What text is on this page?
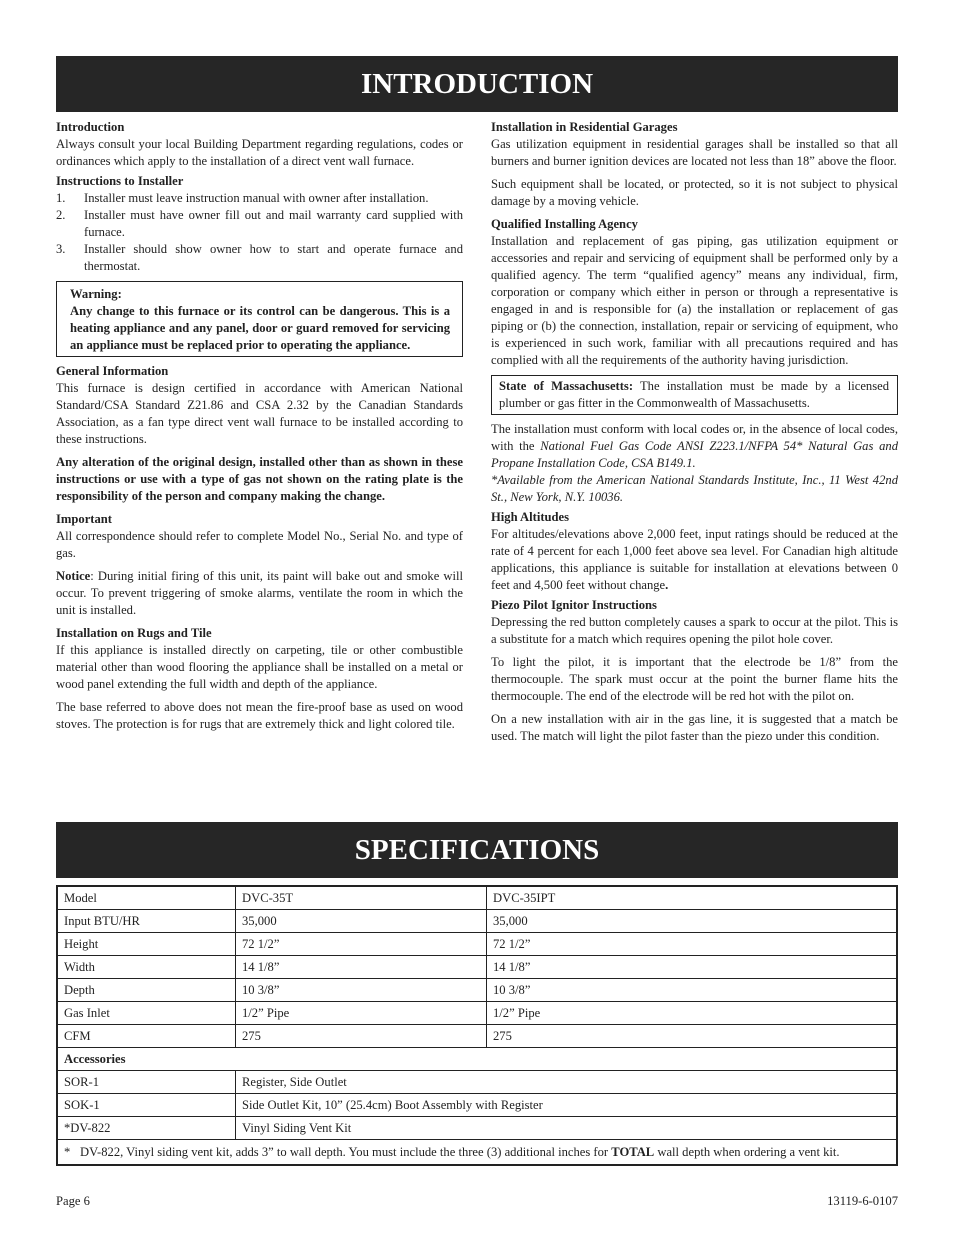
INTRODUCTION
Introduction

Always consult your local Building Department regarding regulations, codes or ordinances which apply to the installation of a direct vent wall furnace.

Instructions to Installer
1. Installer must leave instruction manual with owner after installation.
2. Installer must have owner fill out and mail warranty card supplied with furnace.
3. Installer should show owner how to start and operate furnace and thermostat.
Warning:
Any change to this furnace or its control can be dangerous. This is a heating appliance and any panel, door or guard removed for servicing an appliance must be replaced prior to operating the appliance.
General Information

This furnace is design certified in accordance with American National Standard/CSA Standard Z21.86 and CSA 2.32 by the Canadian Standards Association, as a fan type direct vent wall furnace to be installed according to these instructions.

Any alteration of the original design, installed other than as shown in these instructions or use with a type of gas not shown on the rating plate is the responsibility of the person and company making the change.

Important

All correspondence should refer to complete Model No., Serial No. and type of gas.

Notice: During initial firing of this unit, its paint will bake out and smoke will occur. To prevent triggering of smoke alarms, ventilate the room in which the unit is installed.

Installation on Rugs and Tile

If this appliance is installed directly on carpeting, tile or other combustible material other than wood flooring the appliance shall be installed on a metal or wood panel extending the full width and depth of the appliance.

The base referred to above does not mean the fire-proof base as used on wood stoves. The protection is for rugs that are extremely thick and light colored tile.

Installation in Residential Garages

Gas utilization equipment in residential garages shall be installed so that all burners and burner ignition devices are located not less than 18” above the floor.

Such equipment shall be located, or protected, so it is not subject to physical damage by a moving vehicle.

Qualified Installing Agency

Installation and replacement of gas piping, gas utilization equipment or accessories and repair and servicing of equipment shall be performed only by a qualified agency. The term “qualified agency” means any individual, firm, corporation or company which either in person or through a representative is engaged in and is responsible for (a) the installation or replacement of gas piping or (b) the connection, installation, repair or servicing of equipment, who is experienced in such work, familiar with all precautions required and has complied with all the requirements of the authority having jurisdiction.

State of Massachusetts: The installation must be made by a licensed plumber or gas fitter in the Commonwealth of Massachusetts.

The installation must conform with local codes or, in the absence of local codes, with the National Fuel Gas Code ANSI Z223.1/NFPA 54* Natural Gas and Propane Installation Code, CSA B149.1.
*Available from the American National Standards Institute, Inc., 11 West 42nd St., New York, N.Y. 10036.

High Altitudes

For altitudes/elevations above 2,000 feet, input ratings should be reduced at the rate of 4 percent for each 1,000 feet above sea level. For Canadian high altitude applications, this appliance is suitable for installation at elevations between 0 feet and 4,500 feet without change.

Piezo Pilot Ignitor Instructions

Depressing the red button completely causes a spark to occur at the pilot. This is a substitute for a match which requires opening the pilot hole cover.

To light the pilot, it is important that the electrode be 1/8” from the thermocouple. The spark must occur at the point the burner flame hits the thermocouple. The end of the electrode will be red hot with the pilot on.

On a new installation with air in the gas line, it is suggested that a match be used. The match will light the pilot faster than the piezo under this condition.

SPECIFICATIONS
Model	DVC-35T	DVC-35IPT
Input BTU/HR	35,000	35,000
Height	72 1/2”	72 1/2”
Width	14 1/8”	14 1/8”
Depth	10 3/8”	10 3/8”
Gas Inlet	1/2” Pipe	1/2” Pipe
CFM	275	275
Accessories		
SOR-1	Register, Side Outlet	
SOK-1	Side Outlet Kit, 10” (25.4cm) Boot Assembly with Register	
*DV-822	Vinyl Siding Vent Kit	

* DV-822, Vinyl siding vent kit, adds 3” to wall depth. You must include the three (3) additional inches for TOTAL wall depth when ordering a vent kit.		
Page 6	13119-6-0107
